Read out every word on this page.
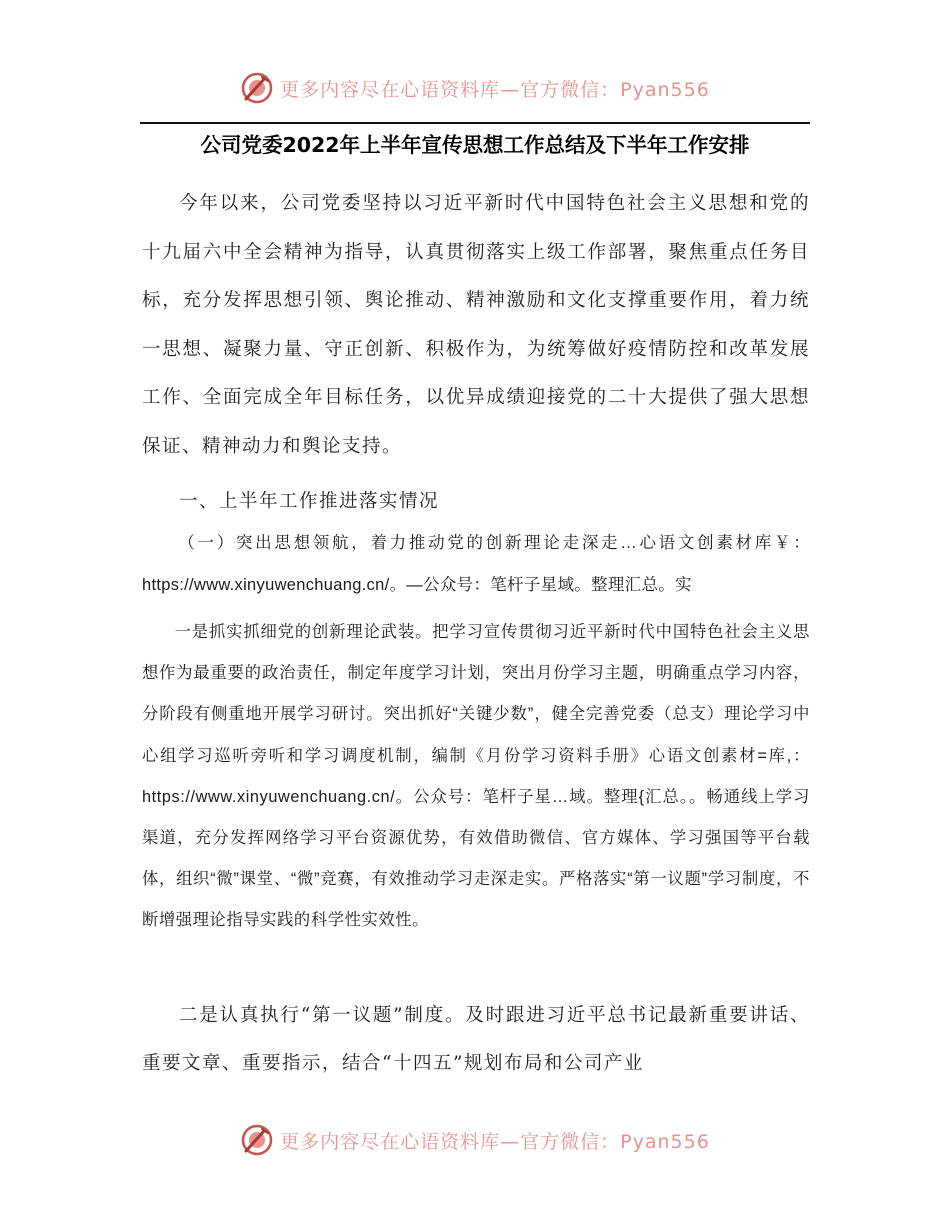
更多内容尽在心语资料库—官方微信：Pyan556
公司党委2022年上半年宣传思想工作总结及下半年工作安排

今年以来，公司党委坚持以习近平新时代中国特色社会主义思想和党的十九届六中全会精神为指导，认真贯彻落实上级工作部署，聚焦重点任务目标，充分发挥思想引领、舆论推动、精神激励和文化支撑重要作用，着力统一思想、凝聚力量、守正创新、积极作为，为统筹做好疫情防控和改革发展工作、全面完成全年目标任务，以优异成绩迎接党的二十大提供了强大思想保证、精神动力和舆论支持。

一、上半年工作推进落实情况

（一）突出思想领航，着力推动党的创新理论走深走…心语文创素材库￥：https://www.xinyuwenchuang.cn/。—公众号：笔杆子星域。整理汇总。实

一是抓实抓细党的创新理论武装。把学习宣传贯彻习近平新时代中国特色社会主义思想作为最重要的政治责任，制定年度学习计划，突出月份学习主题，明确重点学习内容，分阶段有侧重地开展学习研讨。突出抓好“关键少数”，健全完善党委（总支）理论学习中心组学习巡听旁听和学习调度机制，编制《月份学习资料手册》心语文创素材=库,：https://www.xinyuwenchuang.cn/。公众号：笔杆子星…域。整理{汇总。。畅通线上学习渠道，充分发挥网络学习平台资源优势，有效借助微信、官方媒体、学习强国等平台载体，组织“微”课堂、“微”竞赛，有效推动学习走深走实。严格落实“第一议题”学习制度，不断增强理论指导实践的科学性实效性。

二是认真执行“第一议题”制度。及时跟进习近平总书记最新重要讲话、重要文章、重要指示，结合“十四五”规划布局和公司产业

更多内容尽在心语资料库—官方微信：Pyan556
